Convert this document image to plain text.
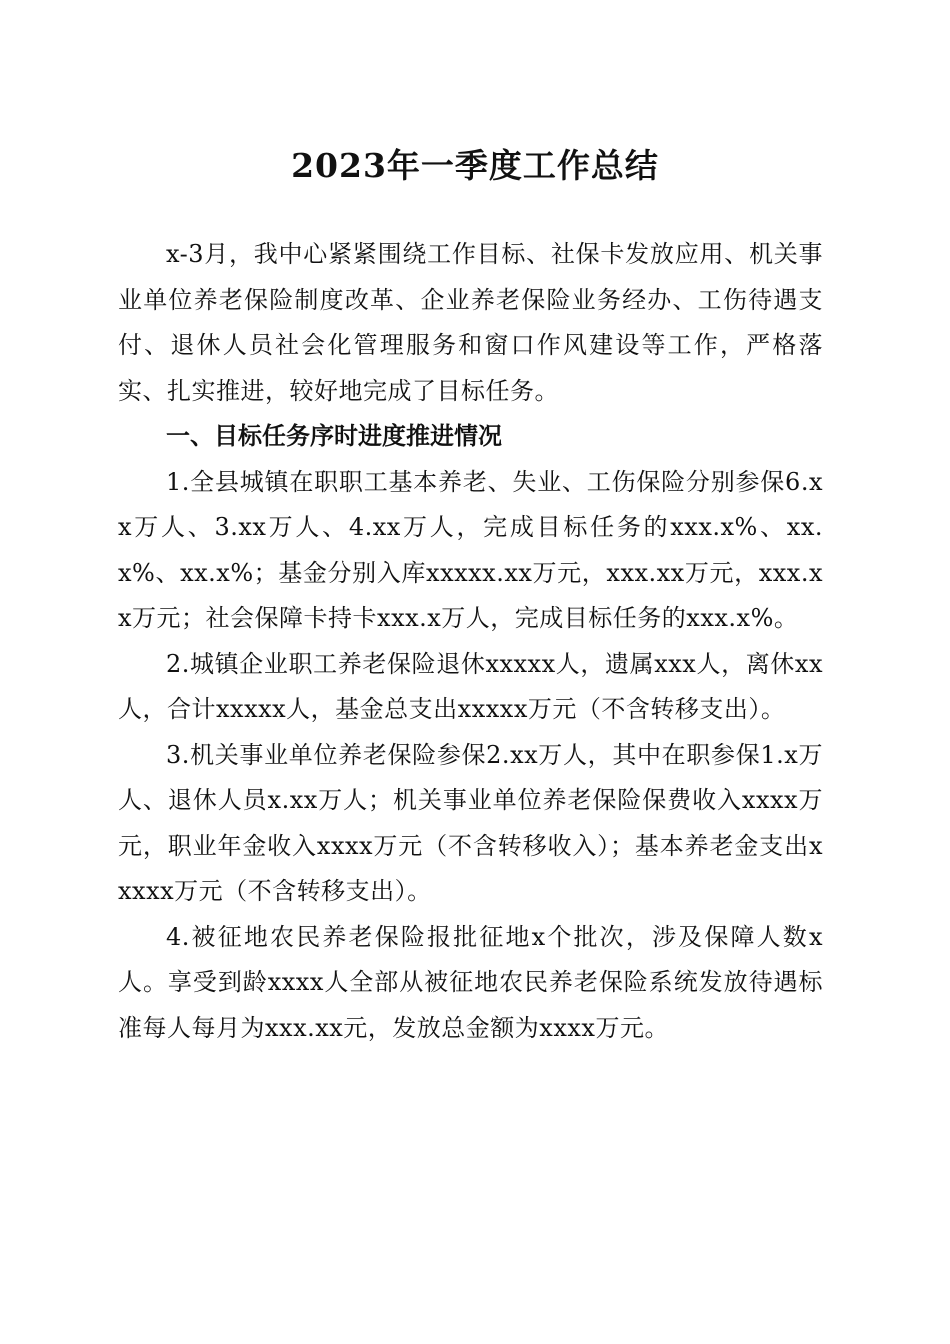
2023年一季度工作总结

x-3月，我中心紧紧围绕工作目标、社保卡发放应用、机关事业单位养老保险制度改革、企业养老保险业务经办、工伤待遇支付、退休人员社会化管理服务和窗口作风建设等工作，严格落实、扎实推进，较好地完成了目标任务。

一、目标任务序时进度推进情况

1.全县城镇在职职工基本养老、失业、工伤保险分别参保6.xx万人、3.xx万人、4.xx万人，完成目标任务的xxx.x%、xx.x%、xx.x%；基金分别入库xxxxx.xx万元，xxx.xx万元，xxx.xx万元；社会保障卡持卡xxx.x万人，完成目标任务的xxx.x%。

2.城镇企业职工养老保险退休xxxxx人，遗属xxx人，离休xx人，合计xxxxx人，基金总支出xxxxx万元（不含转移支出）。

3.机关事业单位养老保险参保2.xx万人，其中在职参保1.x万人、退休人员x.xx万人；机关事业单位养老保险保费收入xxxx万元，职业年金收入xxxx万元（不含转移收入）；基本养老金支出xxxxx万元（不含转移支出）。

4.被征地农民养老保险报批征地x个批次，涉及保障人数x人。享受到龄xxxx人全部从被征地农民养老保险系统发放待遇标准每人每月为xxx.xx元，发放总金额为xxxx万元。
